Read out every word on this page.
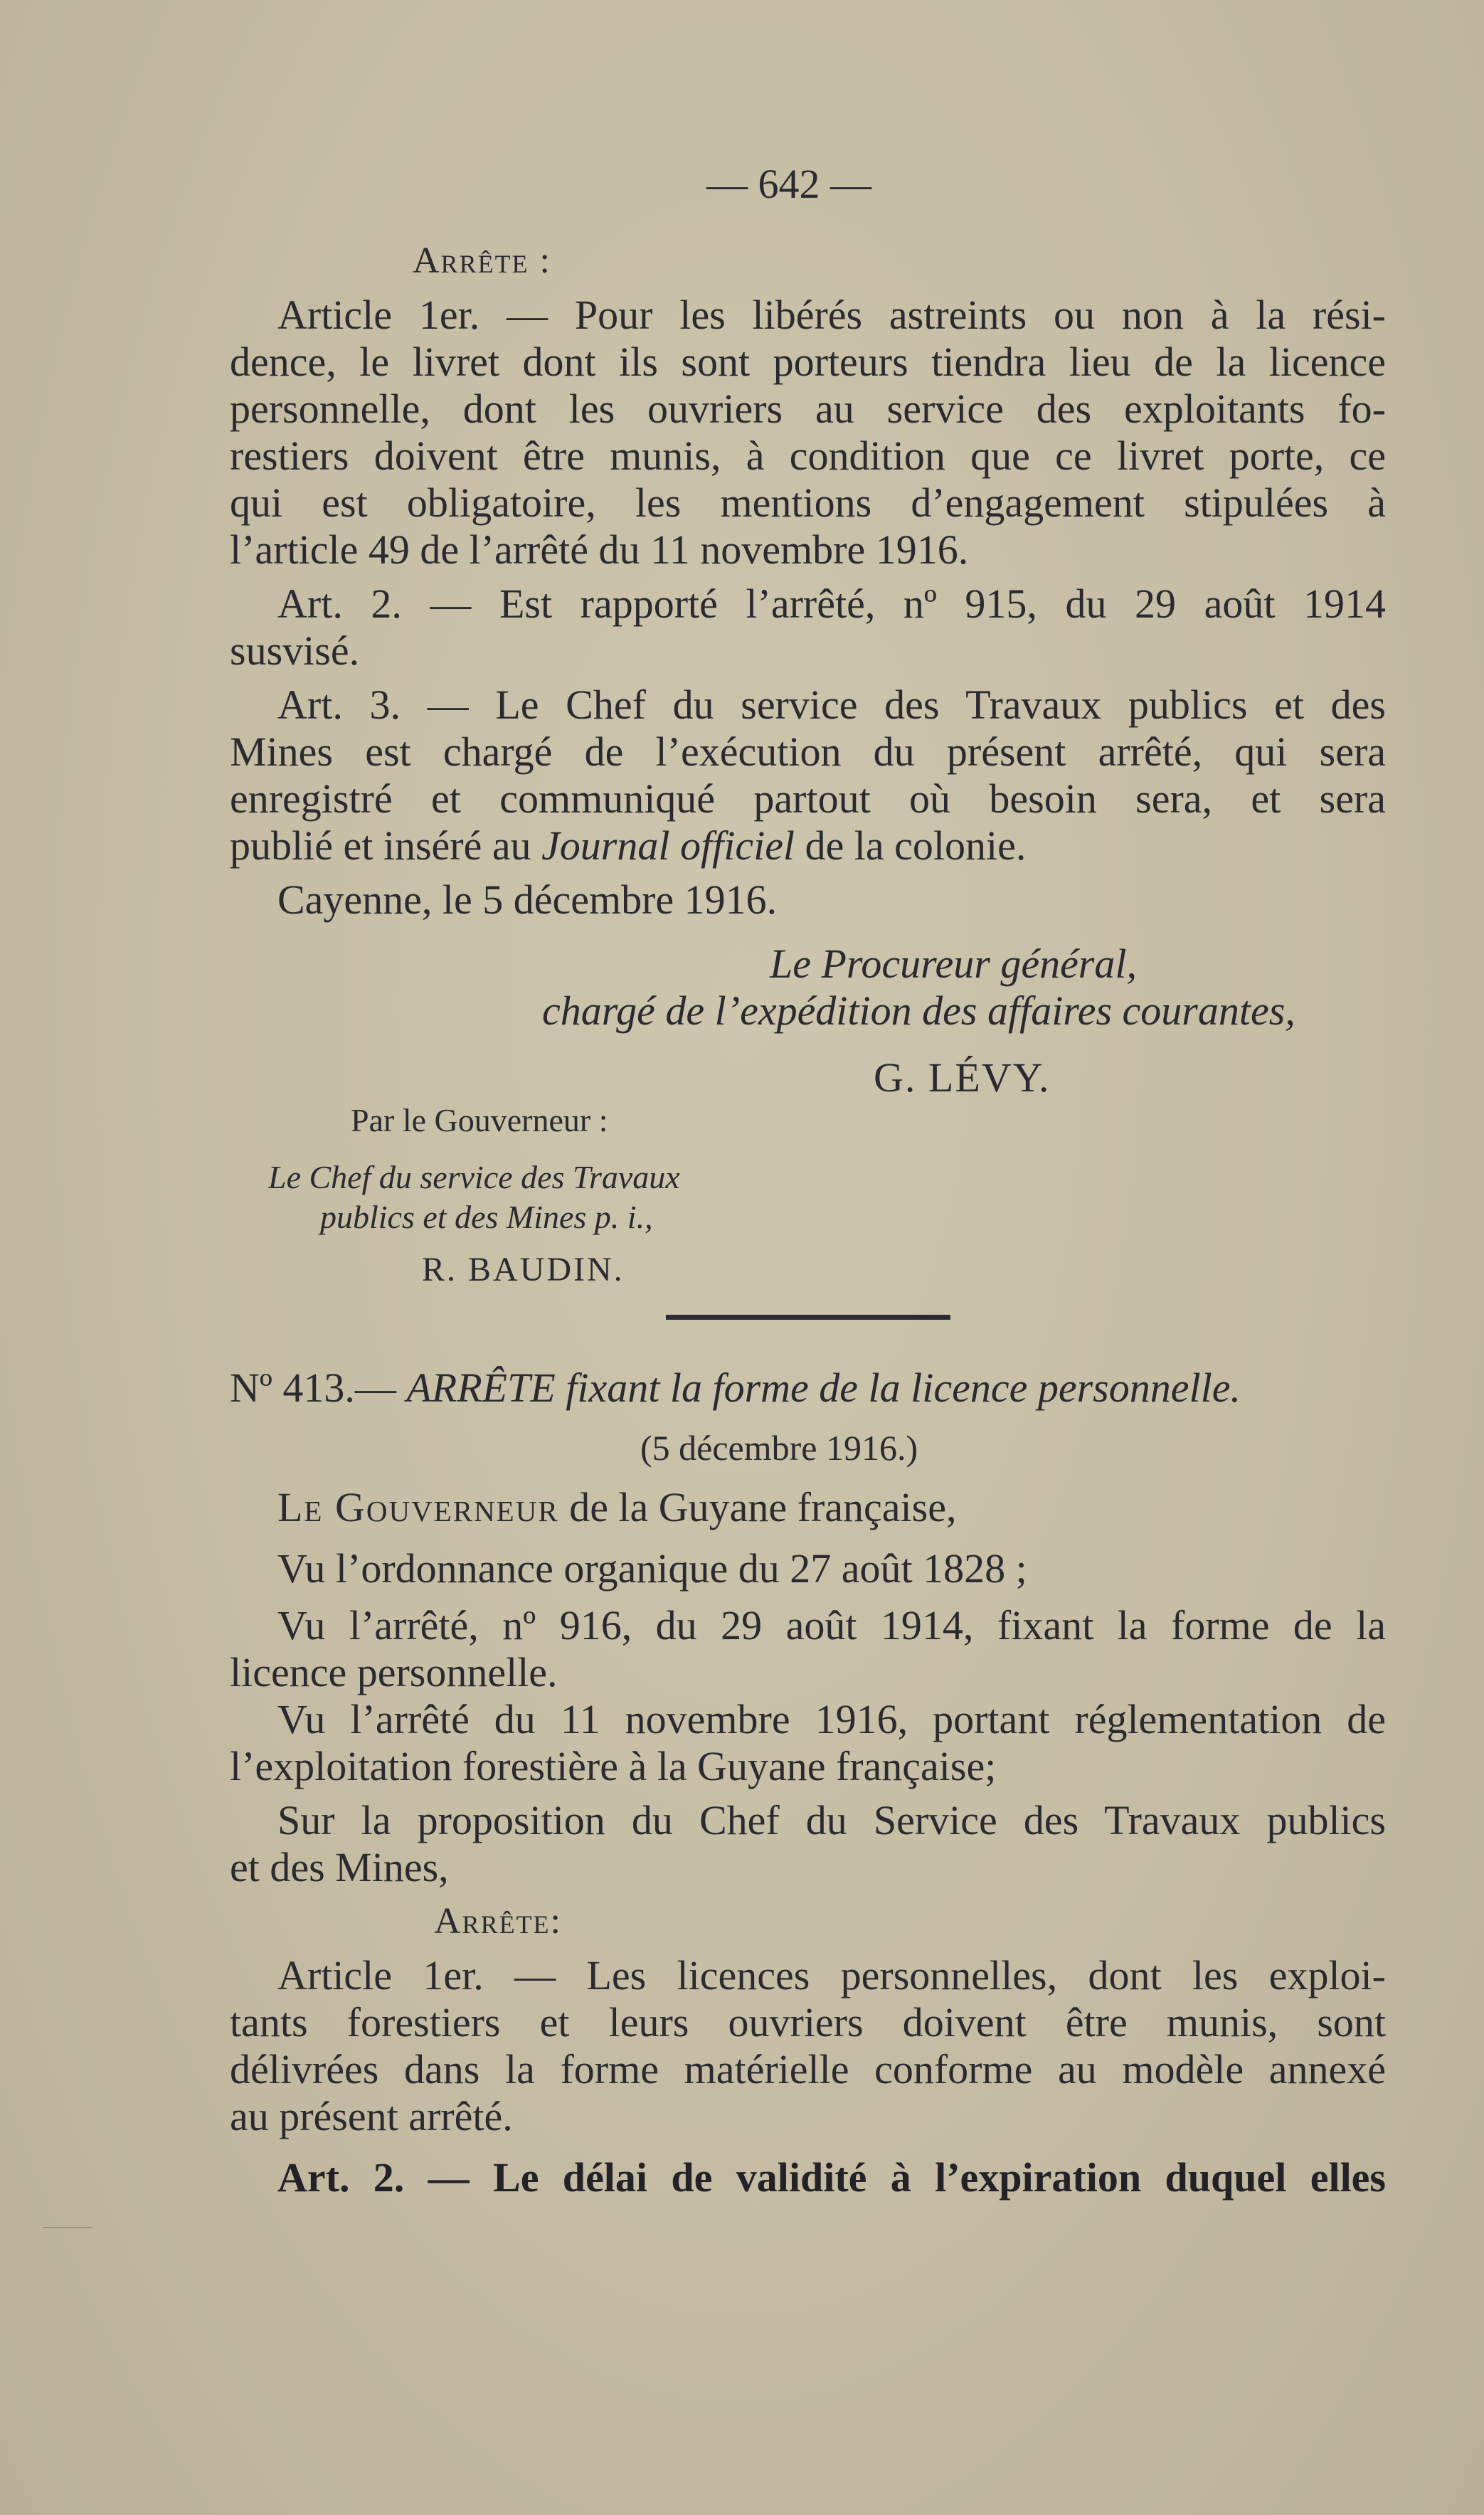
— 642 —
Arrête :
Article 1er. — Pour les libérés astreints ou non à la rési-
dence, le livret dont ils sont porteurs tiendra lieu de la licence
personnelle, dont les ouvriers au service des exploitants fo-
restiers doivent être munis, à condition que ce livret porte, ce
qui est obligatoire, les mentions d’engagement stipulées à
l’article 49 de l’arrêté du 11 novembre 1916.
Art. 2. — Est rapporté l’arrêté, nº 915, du 29 août 1914
susvisé.
Art. 3. — Le Chef du service des Travaux publics et des
Mines est chargé de l’exécution du présent arrêté, qui sera
enregistré et communiqué partout où besoin sera, et sera
publié et inséré au Journal officiel de la colonie.
Cayenne, le 5 décembre 1916.
Le Procureur général,
chargé de l’expédition des affaires courantes,
G. LÉVY.
Par le Gouverneur :
Le Chef du service des Travaux
publics et des Mines p. i.,
R. BAUDIN.
Nº 413.— ARRÊTE fixant la forme de la licence personnelle.
(5 décembre 1916.)
Le Gouverneur de la Guyane française,
Vu l’ordonnance organique du 27 août 1828 ;
Vu l’arrêté, nº 916, du 29 août 1914, fixant la forme de la
licence personnelle.
Vu l’arrêté du 11 novembre 1916, portant réglementation de
l’exploitation forestière à la Guyane française;
Sur la proposition du Chef du Service des Travaux publics
et des Mines,
Arrête:
Article 1er. — Les licences personnelles, dont les exploi-
tants forestiers et leurs ouvriers doivent être munis, sont
délivrées dans la forme matérielle conforme au modèle annexé
au présent arrêté.
Art. 2. — Le délai de validité à l’expiration duquel elles
